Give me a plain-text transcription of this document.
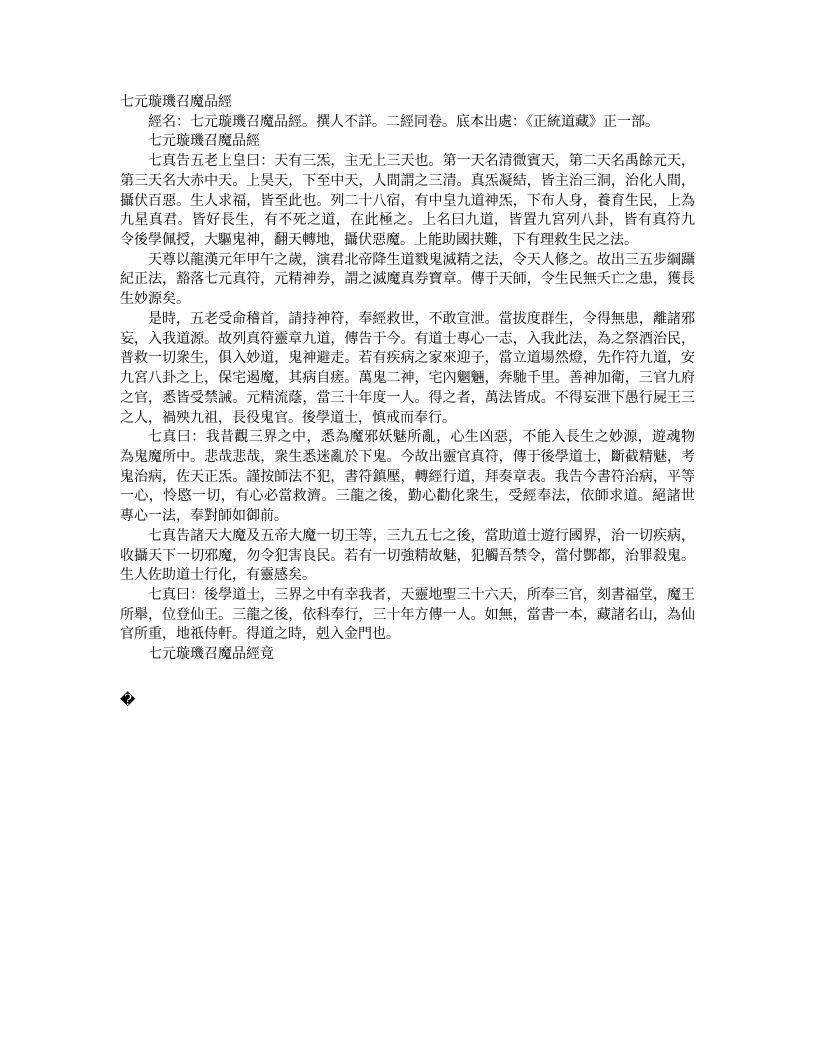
七元璇璣召魔品經
經名：七元璇璣召魔品經。撰人不詳。二經同卷。底本出處：《正統道藏》正一部。
七元璇璣召魔品經
七真告五老上皇曰：天有三炁，主无上三天也。第一天名清微賓天，第二天名禹餘元天，
第三天名大赤中天。上昊天，下至中天，人間謂之三清。真炁凝結，皆主治三洞，治化人間，
攝伏百惡。生人求福，皆至此也。列二十八宿，有中皇九道神炁，下布人身，養育生民，上為
九星真君。皆好長生，有不死之道，在此極之。上名曰九道，皆置九宮列八卦，皆有真符九
令後學佩授，大驅鬼神，翻天轉地，攝伏惡魔。上能助國扶難，下有理救生民之法。
天尊以龍漢元年甲午之歲，演君北帝降生道戮鬼滅精之法，令天人修之。故出三五步綱躡
紀正法，豁落七元真符，元精神券，謂之滅魔真券寶章。傳于天師，令生民無夭亡之患，獲長
生妙源矣。
是時，五老受命稽首，請持神符，奉經救世，不敢宣泄。當拔度群生，令得無患，離諸邪
妄，入我道源。故列真符靈章九道，傳告于今。有道士專心一志，入我此法，為之祭酒治民，
普救一切衆生，俱入妙道，鬼神避走。若有疾病之家來迎子，當立道場然燈，先作符九道，安
九宮八卦之上，保宅遏魔，其病自瘥。萬鬼二神，宅內魍魎，奔馳千里。善神加衛，三官九府
之官，悉皆受禁誡。元精流蔭，當三十年度一人。得之者，萬法皆成。不得妄泄下愚行屍王三
之人，禍殃九祖，長役鬼官。後學道士，慎戒而奉行。
七真曰：我昔觀三界之中，悉為魔邪妖魅所亂，心生凶惡，不能入長生之妙源，遊魂物
為鬼魔所中。悲哉悲哉，衆生悉迷亂於下鬼。今故出靈官真符，傳于後學道士，斷截精魅，考
鬼治病，佐天正炁。謹按師法不犯，書符鎮壓，轉經行道，拜奏章表。我告今書符治病，平等
一心，怜愍一切，有心必當救濟。三龍之後，勤心勸化衆生，受經奉法，依師求道。絕諸世
專心一法，奉對師如御前。
七真告諸天大魔及五帝大魔一切王等，三九五七之後，當助道士遊行國界，治一切疾病，
收攝天下一切邪魔，勿令犯害良民。若有一切強精故魅，犯觸吾禁令，當付酆都，治罪殺鬼。
生人佐助道士行化，有靈感矣。
七真曰：後學道士，三界之中有幸我者，天靈地聖三十六天，所奉三官，刻書福堂，魔王
所舉，位登仙王。三龍之後，依科奉行，三十年方傳一人。如無，當書一本，藏諸名山，為仙
官所重，地祇侍軒。得道之時，剋入金門也。
七元璇璣召魔品經竟
�
